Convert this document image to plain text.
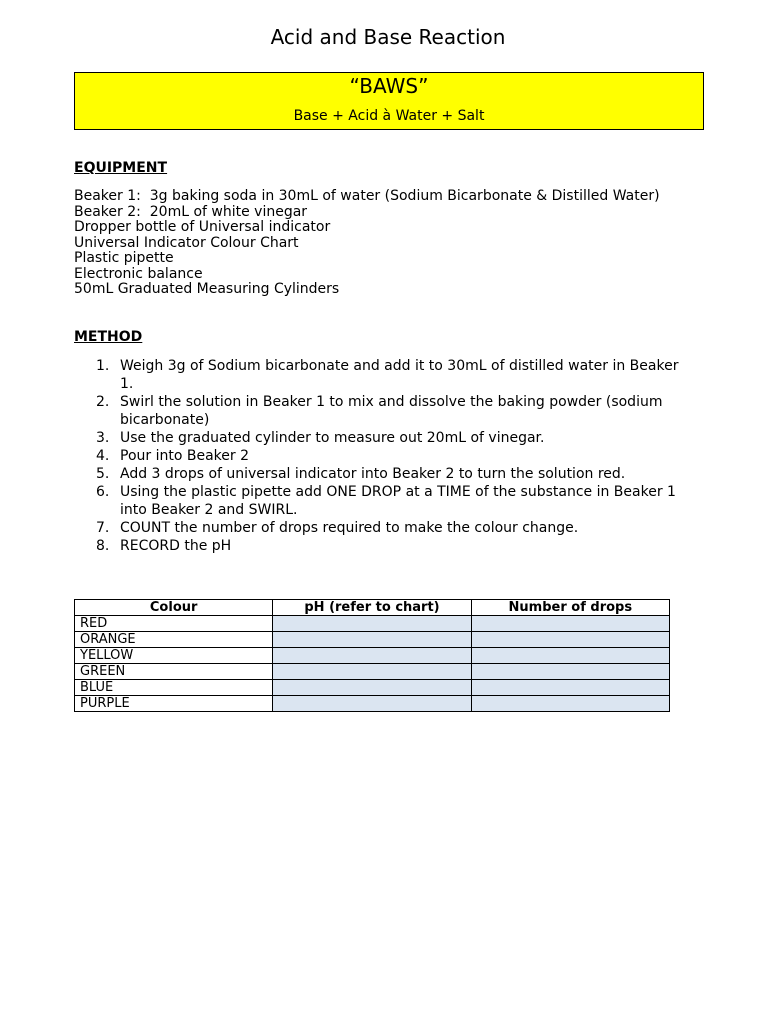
Acid and Base Reaction
“BAWS”
Base + Acid à Water + Salt
EQUIPMENT
Beaker 1:  3g baking soda in 30mL of water (Sodium Bicarbonate & Distilled Water)
Beaker 2:  20mL of white vinegar
Dropper bottle of Universal indicator
Universal Indicator Colour Chart
Plastic pipette
Electronic balance
50mL Graduated Measuring Cylinders
METHOD
1. Weigh 3g of Sodium bicarbonate and add it to 30mL of distilled water in Beaker 1.
2. Swirl the solution in Beaker 1 to mix and dissolve the baking powder (sodium bicarbonate)
3. Use the graduated cylinder to measure out 20mL of vinegar.
4. Pour into Beaker 2
5. Add 3 drops of universal indicator into Beaker 2 to turn the solution red.
6. Using the plastic pipette add ONE DROP at a TIME of the substance in Beaker 1 into Beaker 2 and SWIRL.
7. COUNT the number of drops required to make the colour change.
8. RECORD the pH
Colour	pH (refer to chart)	Number of drops
RED		
ORANGE		
YELLOW		
GREEN		
BLUE		
PURPLE		
